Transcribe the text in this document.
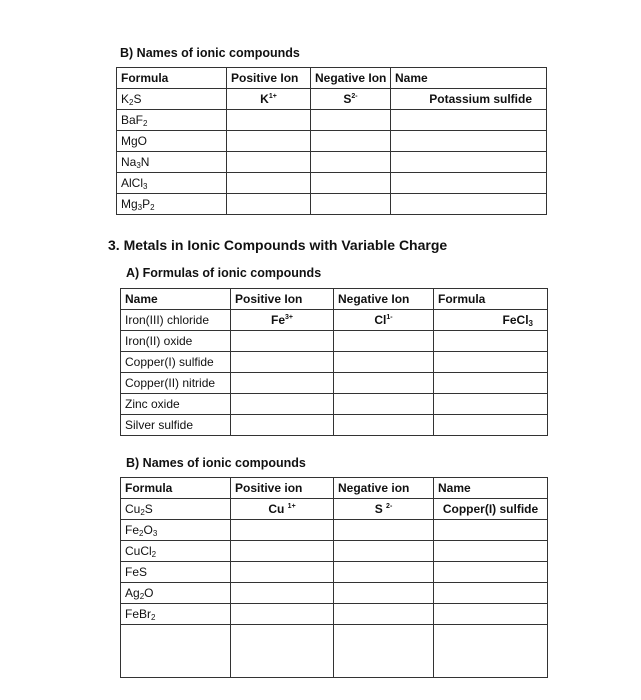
B) Names of ionic compounds
Formula	Positive Ion	Negative Ion	Name
$K_2S$	$K^{1+}$	$S^{2-}$	Potassium sulfide
BaF$_2$			
MgO			
$Na_3N$			
AlCl$_3$			
$Mg_3P_2$			
3. Metals in Ionic Compounds with Variable Charge
A) Formulas of ionic compounds
Name	Positive Ion	Negative Ion	Formula
Iron(III) chloride	$Fe^{3+}$	$Cl^{1-}$	FeCl$_3$
Iron(II) oxide			
Copper(I) sulfide			
Copper(II) nitride			
Zinc oxide			
Silver sulfide			
B) Names of ionic compounds
Formula	Positive ion	Negative ion	Name
$Cu_2S$	Cu $^{1+}$	S $^{2-}$	Copper(I) sulfide
$Fe_2O_3$			
CuCl$_2$			
FeS			
$Ag_2O$			
FeBr$_2$			
